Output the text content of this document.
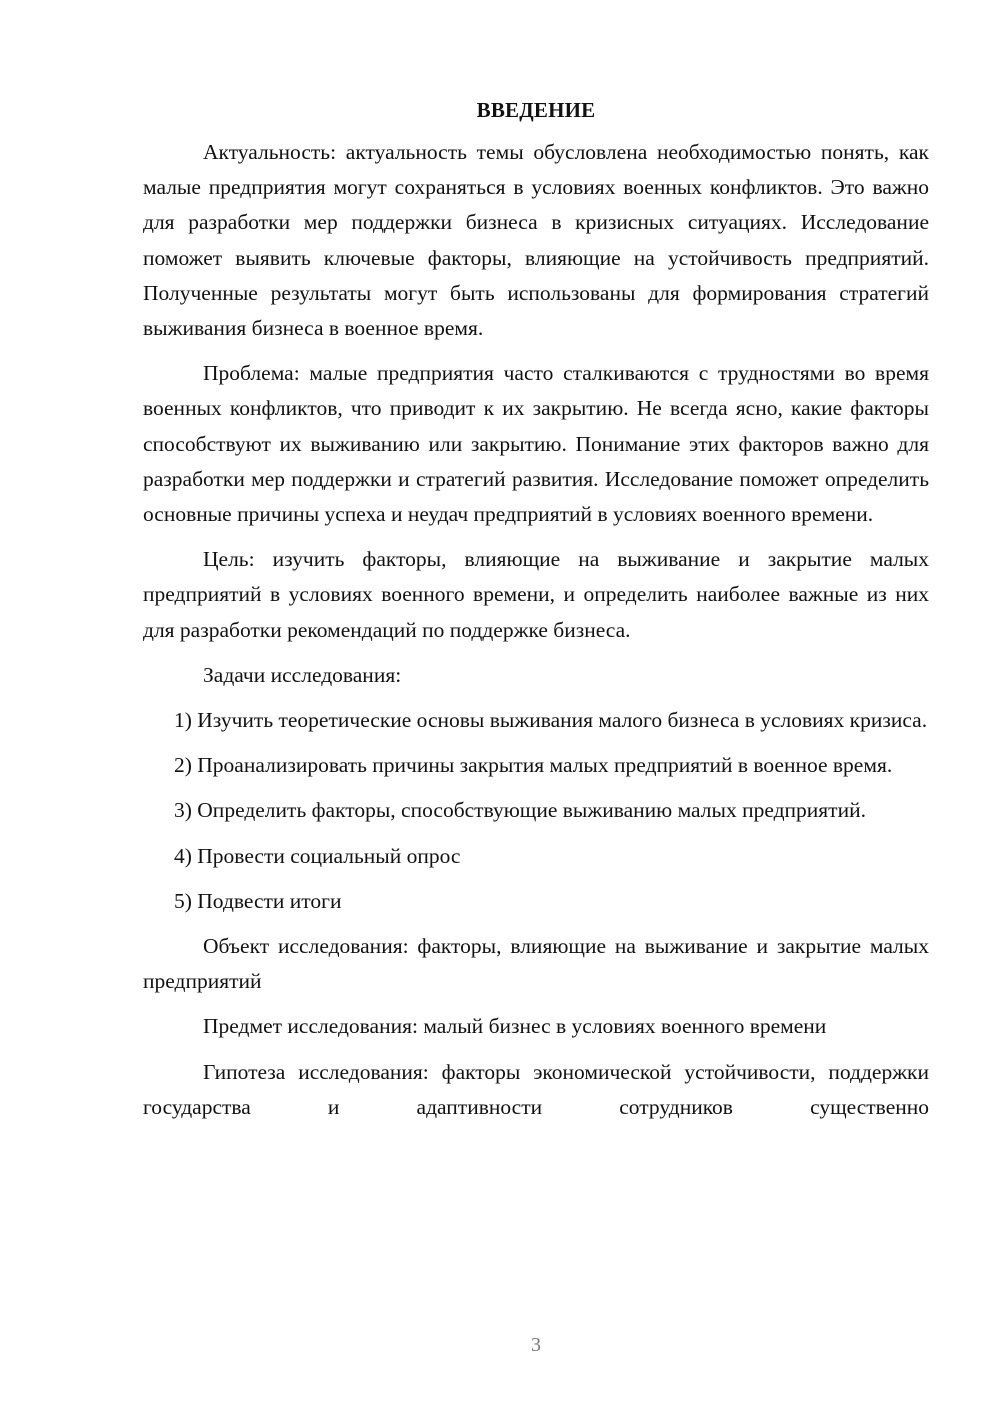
ВВЕДЕНИЕ

Актуальность: актуальность темы обусловлена необходимостью понять, как малые предприятия могут сохраняться в условиях военных конфликтов. Это важно для разработки мер поддержки бизнеса в кризисных ситуациях. Исследование поможет выявить ключевые факторы, влияющие на устойчивость предприятий. Полученные результаты могут быть использованы для формирования стратегий выживания бизнеса в военное время.

Проблема: малые предприятия часто сталкиваются с трудностями во время военных конфликтов, что приводит к их закрытию. Не всегда ясно, какие факторы способствуют их выживанию или закрытию. Понимание этих факторов важно для разработки мер поддержки и стратегий развития. Исследование поможет определить основные причины успеха и неудач предприятий в условиях военного времени.

Цель: изучить факторы, влияющие на выживание и закрытие малых предприятий в условиях военного времени, и определить наиболее важные из них для разработки рекомендаций по поддержке бизнеса.

Задачи исследования:

1) Изучить теоретические основы выживания малого бизнеса в условиях кризиса.

2) Проанализировать причины закрытия малых предприятий в военное время.

3) Определить факторы, способствующие выживанию малых предприятий.

4) Провести социальный опрос

5) Подвести итоги

Объект исследования: факторы, влияющие на выживание и закрытие малых предприятий

Предмет исследования: малый бизнес в условиях военного времени

Гипотеза исследования: факторы экономической устойчивости, поддержки государства и адаптивности сотрудников существенно

3
